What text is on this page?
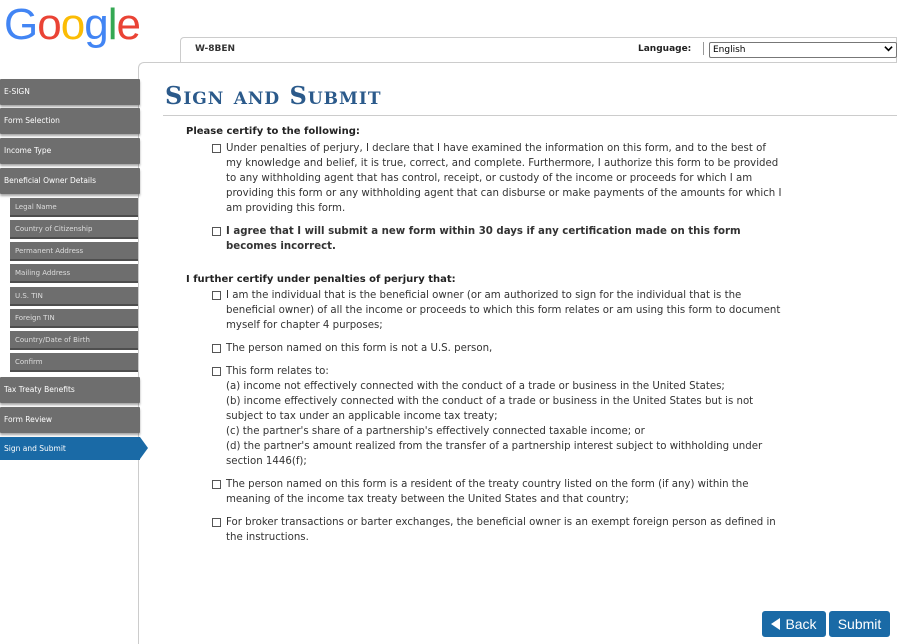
Google	W-8BEN	Language:	English
E-SIGN
Form Selection
Income Type
Beneficial Owner Details
Legal Name
Country of Citizenship
Permanent Address
Mailing Address
U.S. TIN
Foreign TIN
Country/Date of Birth
Confirm
Tax Treaty Benefits
Form Review
Sign and Submit
Sign and Submit
Please certify to the following:
Under penalties of perjury, I declare that I have examined the information on this form, and to the best of
my knowledge and belief, it is true, correct, and complete. Furthermore, I authorize this form to be provided
to any withholding agent that has control, receipt, or custody of the income or proceeds for which I am
providing this form or any withholding agent that can disburse or make payments of the amounts for which I
am providing this form.
I agree that I will submit a new form within 30 days if any certification made on this form
becomes incorrect.
I further certify under penalties of perjury that:
I am the individual that is the beneficial owner (or am authorized to sign for the individual that is the
beneficial owner) of all the income or proceeds to which this form relates or am using this form to document
myself for chapter 4 purposes;
The person named on this form is not a U.S. person,
This form relates to:
(a) income not effectively connected with the conduct of a trade or business in the United States;
(b) income effectively connected with the conduct of a trade or business in the United States but is not
subject to tax under an applicable income tax treaty;
(c) the partner's share of a partnership's effectively connected taxable income; or
(d) the partner's amount realized from the transfer of a partnership interest subject to withholding under
section 1446(f);
The person named on this form is a resident of the treaty country listed on the form (if any) within the
meaning of the income tax treaty between the United States and that country;
For broker transactions or barter exchanges, the beneficial owner is an exempt foreign person as defined in
the instructions.
Back	Submit
